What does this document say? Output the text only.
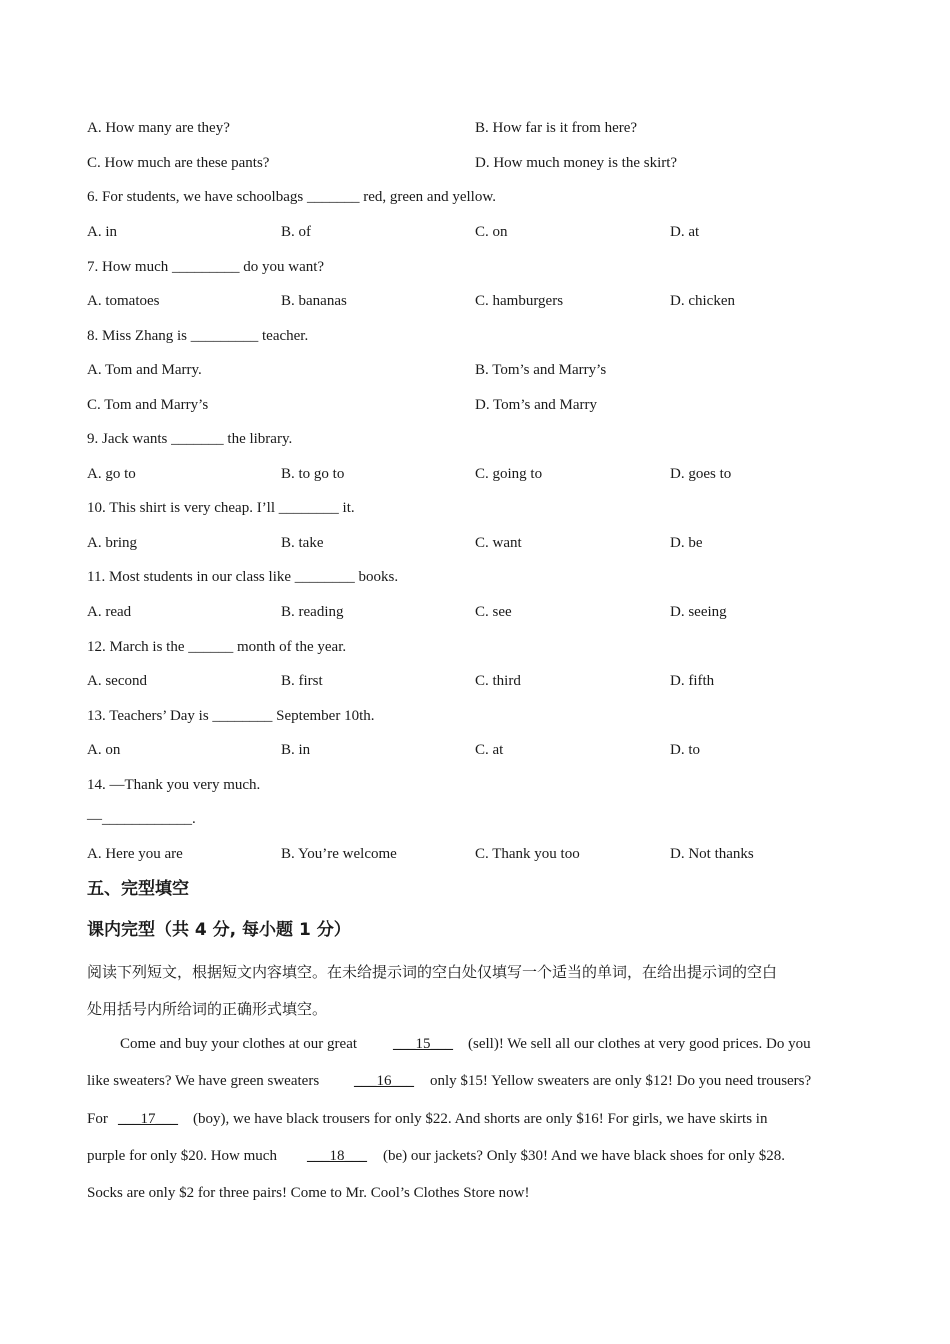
A. How many are they?	B. How far is it from here?
C. How much are these pants?	D. How much money is the skirt?
6. For students, we have schoolbags _______ red, green and yellow.
A. in	B. of	C. on	D. at
7. How much _________ do you want?
A. tomatoes	B. bananas	C. hamburgers	D. chicken
8. Miss Zhang is _________ teacher.
A. Tom and Marry.	B. Tom’s and Marry’s
C. Tom and Marry’s	D. Tom’s and Marry
9. Jack wants _______ the library.
A. go to	B. to go to	C. going to	D. goes to
10. This shirt is very cheap. I’ll ________ it.
A. bring	B. take	C. want	D. be
11. Most students in our class like ________ books.
A. read	B. reading	C. see	D. seeing
12. March is the ______ month of the year.
A. second	B. first	C. third	D. fifth
13. Teachers’ Day is ________ September 10th.
A. on	B. in	C. at	D. to
14. —Thank you very much.
—____________.
A. Here you are	B. You’re welcome	C. Thank you too	D. Not thanks
五、完型填空
课内完型（共 4 分, 每小题 1 分）
阅读下列短文，根据短文内容填空。在未给提示词的空白处仅填写一个适当的单词，在给出提示词的空白
处用括号内所给词的正确形式填空。
Come and buy your clothes at our great ___15___ (sell)! We sell all our clothes at very good prices. Do you
like sweaters? We have green sweaters ___16___ only $15! Yellow sweaters are only $12! Do you need trousers?
For ___17___ (boy), we have black trousers for only $22. And shorts are only $16! For girls, we have skirts in
purple for only $20. How much ___18___ (be) our jackets? Only $30! And we have black shoes for only $28.
Socks are only $2 for three pairs! Come to Mr. Cool’s Clothes Store now!
